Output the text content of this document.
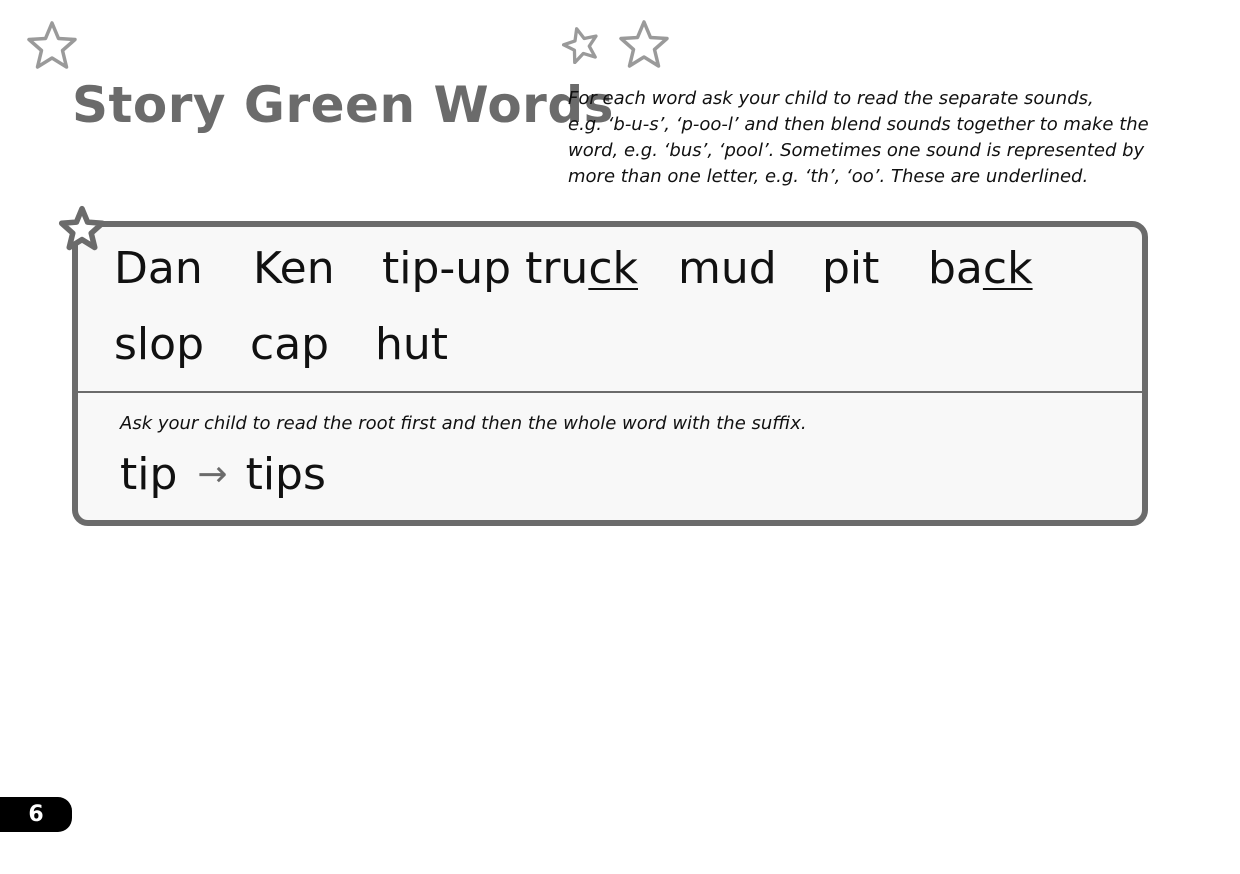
Story Green Words

For each word ask your child to read the separate sounds,
e.g. ‘b-u-s’, ‘p-oo-l’ and then blend sounds together to make the
word, e.g. ‘bus’, ‘pool’. Sometimes one sound is represented by
more than one letter, e.g. ‘th’, ‘oo’. These are underlined.

Dan Ken tip-up truck mud pit back
slop cap hut

Ask your child to read the root first and then the whole word with the suffix.

tip → tips
6
